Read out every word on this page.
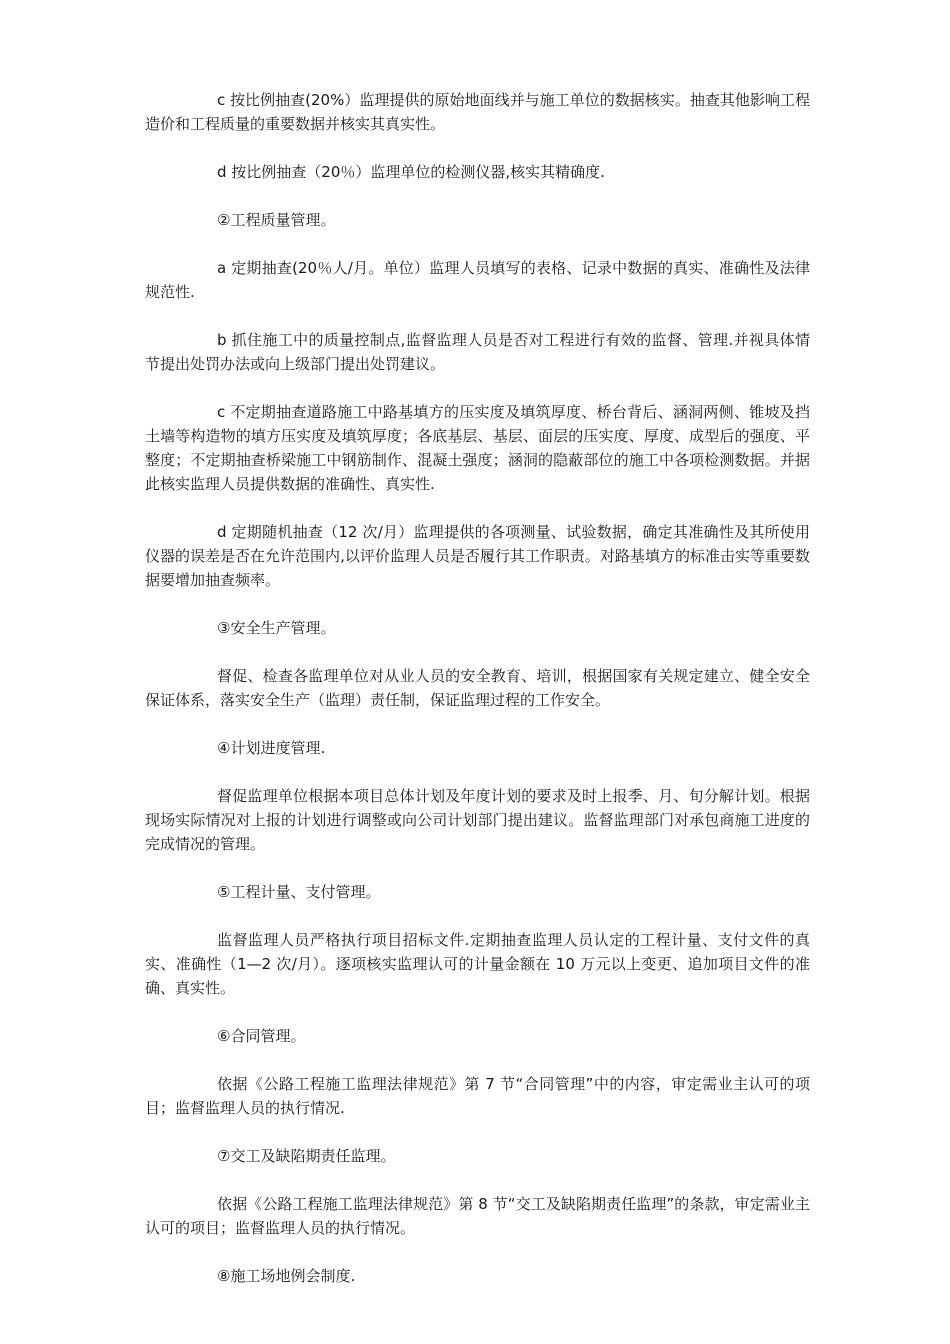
c 按比例抽查(20%）监理提供的原始地面线并与施工单位的数据核实。抽查其他影响工程造价和工程质量的重要数据并核实其真实性。

d 按比例抽查（20％）监理单位的检测仪器,核实其精确度.

②工程质量管理。

a 定期抽查(20％人/月。单位）监理人员填写的表格、记录中数据的真实、准确性及法律规范性.

b 抓住施工中的质量控制点,监督监理人员是否对工程进行有效的监督、管理.并视具体情节提出处罚办法或向上级部门提出处罚建议。

c 不定期抽查道路施工中路基填方的压实度及填筑厚度、桥台背后、涵洞两侧、锥坡及挡土墙等构造物的填方压实度及填筑厚度；各底基层、基层、面层的压实度、厚度、成型后的强度、平整度；不定期抽查桥梁施工中钢筋制作、混凝土强度；涵洞的隐蔽部位的施工中各项检测数据。并据此核实监理人员提供数据的准确性、真实性.

d 定期随机抽查（12 次/月）监理提供的各项测量、试验数据，确定其准确性及其所使用仪器的误差是否在允许范围内,以评价监理人员是否履行其工作职责。对路基填方的标准击实等重要数据要增加抽查频率。

③安全生产管理。

督促、检查各监理单位对从业人员的安全教育、培训，根据国家有关规定建立、健全安全保证体系，落实安全生产（监理）责任制，保证监理过程的工作安全。

④计划进度管理.

督促监理单位根据本项目总体计划及年度计划的要求及时上报季、月、旬分解计划。根据现场实际情况对上报的计划进行调整或向公司计划部门提出建议。监督监理部门对承包商施工进度的完成情况的管理。

⑤工程计量、支付管理。

监督监理人员严格执行项目招标文件.定期抽查监理人员认定的工程计量、支付文件的真实、准确性（1—2 次/月）。逐项核实监理认可的计量金额在 10 万元以上变更、追加项目文件的准确、真实性。

⑥合同管理。

依据《公路工程施工监理法律规范》第 7 节“合同管理”中的内容，审定需业主认可的项目；监督监理人员的执行情况.

⑦交工及缺陷期责任监理。

依据《公路工程施工监理法律规范》第 8 节“交工及缺陷期责任监理”的条款，审定需业主认可的项目；监督监理人员的执行情况。

⑧施工场地例会制度.
